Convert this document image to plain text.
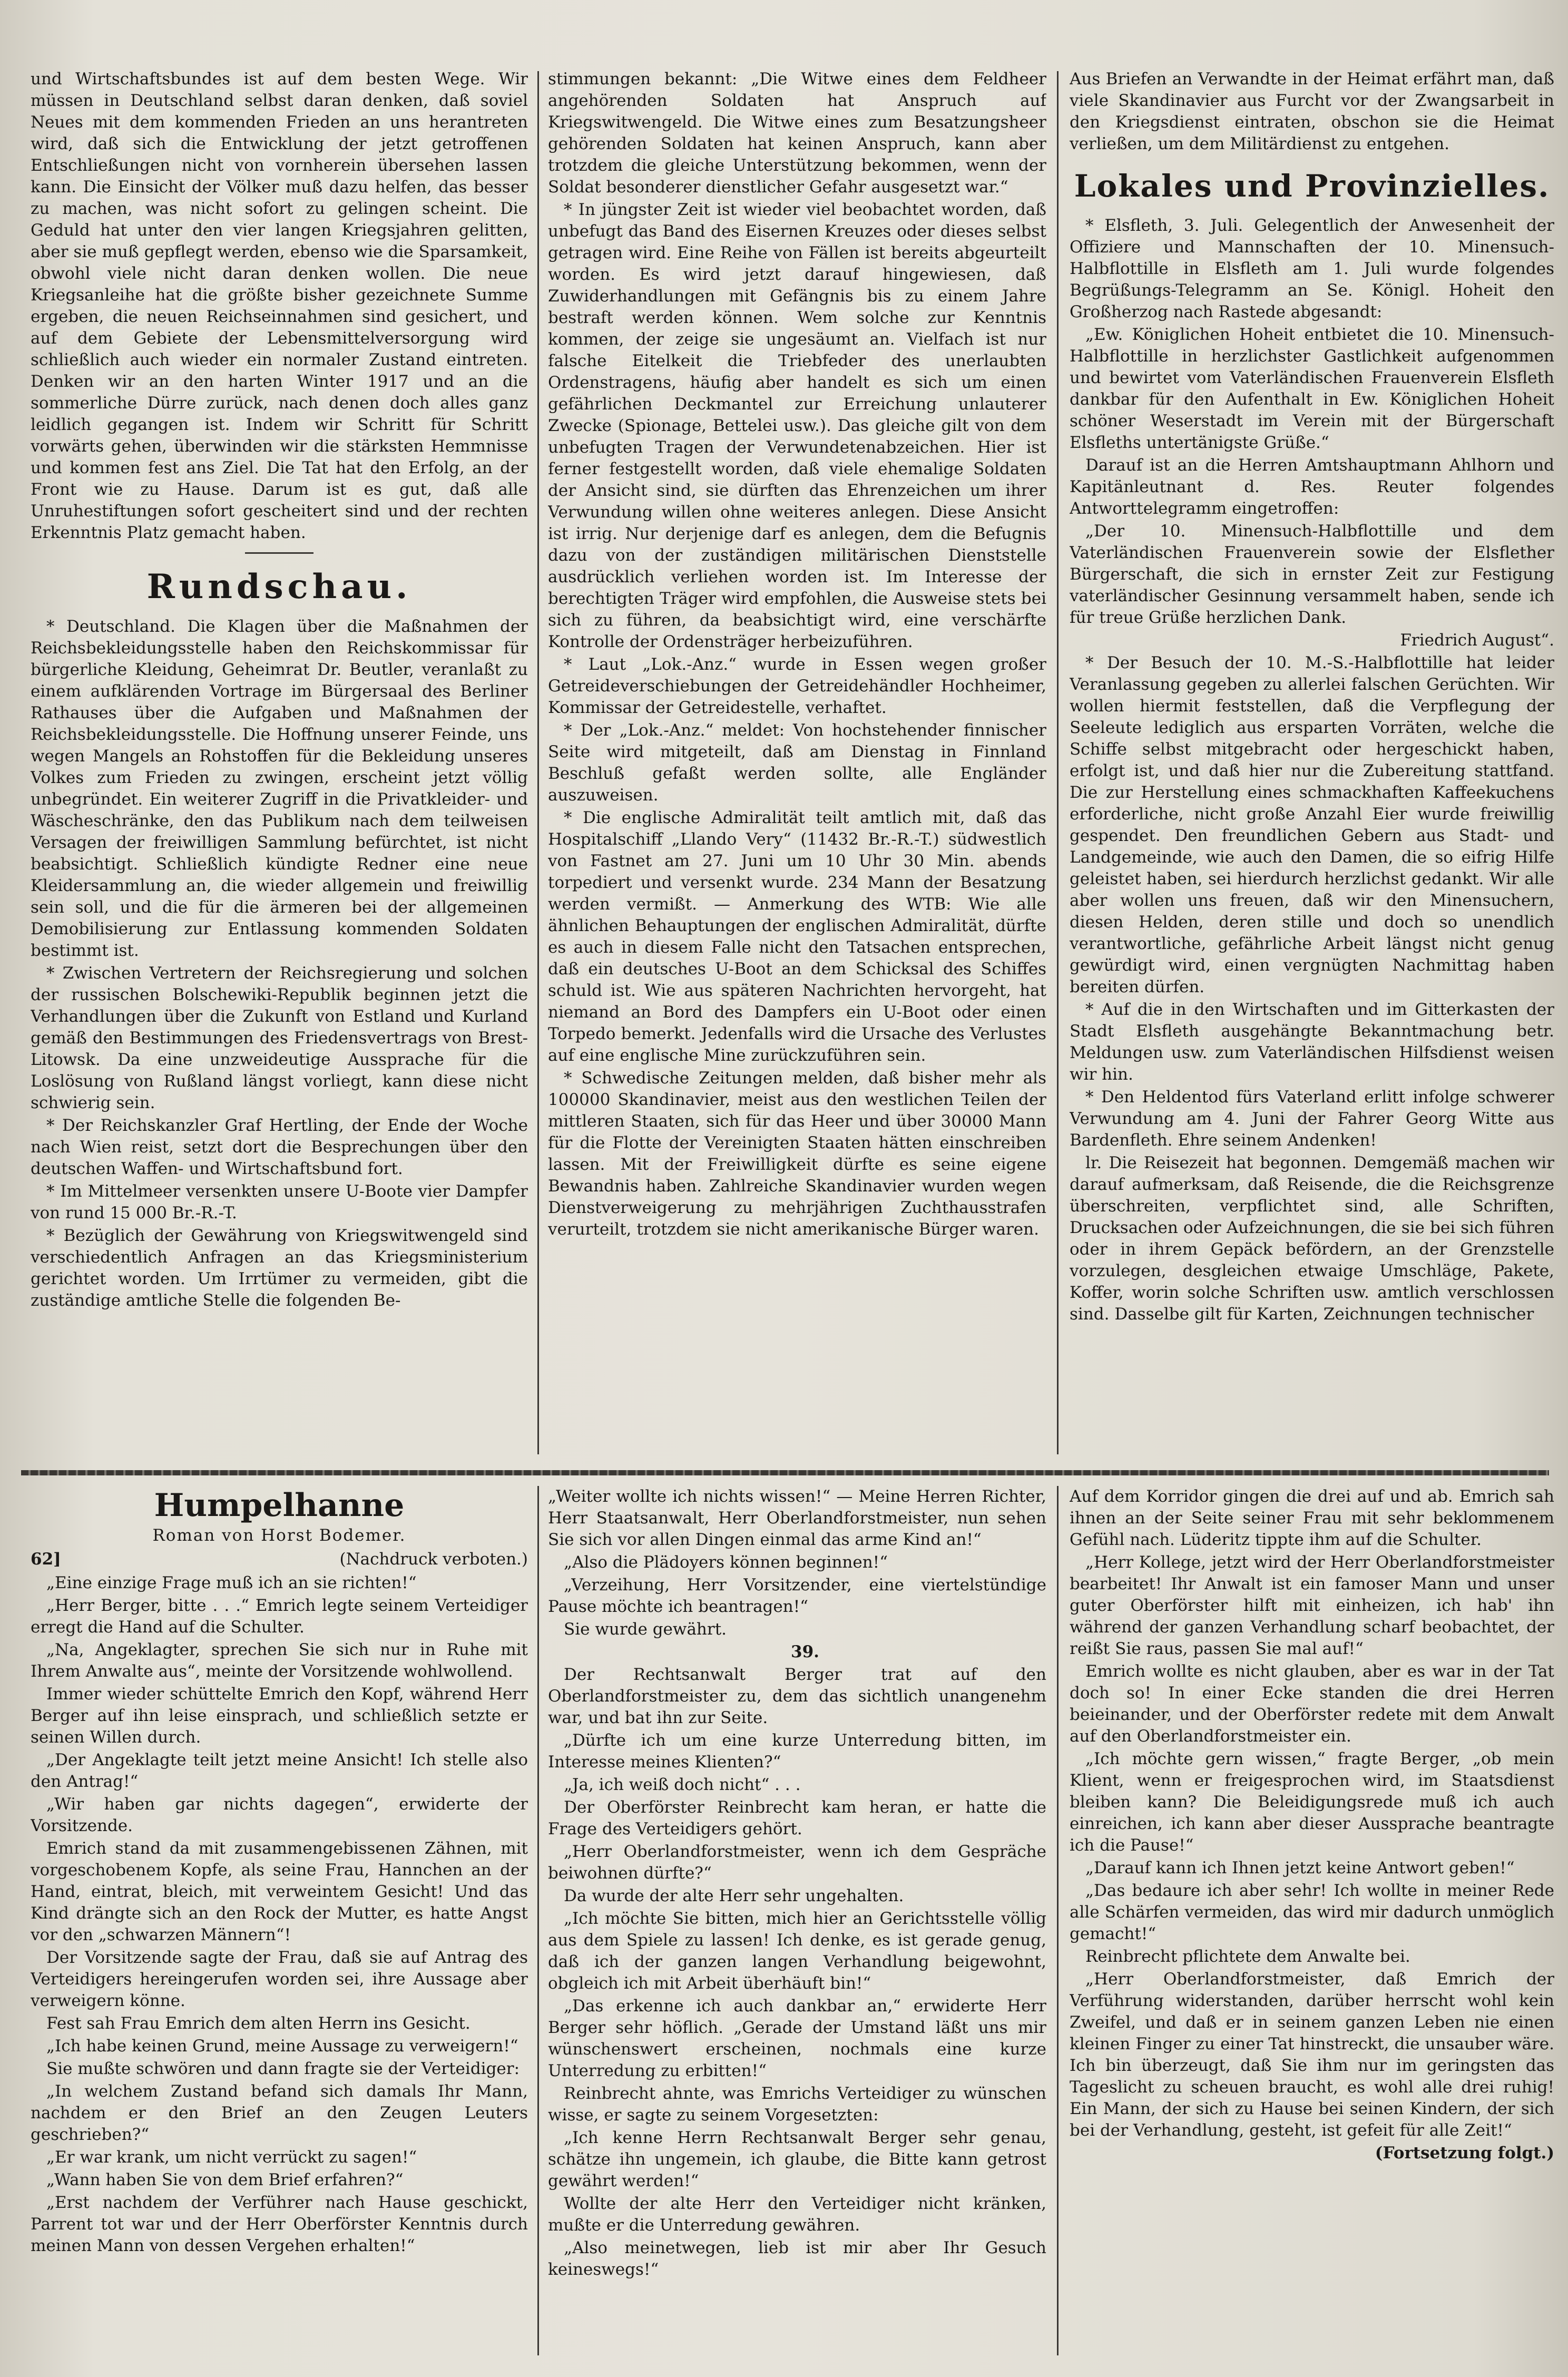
und Wirtschaftsbundes ist auf dem besten Wege. Wir müssen in Deutschland selbst daran denken, daß soviel Neues mit dem kommenden Frieden an uns herantreten wird, daß sich die Entwicklung der jetzt getroffenen Entschließungen nicht von vornherein übersehen lassen kann. Die Einsicht der Völker muß dazu helfen, das besser zu machen, was nicht sofort zu gelingen scheint. Die Geduld hat unter den vier langen Kriegsjahren gelitten, aber sie muß gepflegt werden, ebenso wie die Sparsamkeit, obwohl viele nicht daran denken wollen. Die neue Kriegsanleihe hat die größte bisher gezeichnete Summe ergeben, die neuen Reichseinnahmen sind gesichert, und auf dem Gebiete der Lebensmittelversorgung wird schließlich auch wieder ein normaler Zustand eintreten. Denken wir an den harten Winter 1917 und an die sommerliche Dürre zurück, nach denen doch alles ganz leidlich gegangen ist. Indem wir Schritt für Schritt vorwärts gehen, überwinden wir die stärksten Hemmnisse und kommen fest ans Ziel. Die Tat hat den Erfolg, an der Front wie zu Hause. Darum ist es gut, daß alle Unruhestiftungen sofort gescheitert sind und der rechten Erkenntnis Platz gemacht haben.

Rundschau.

* Deutschland. Die Klagen über die Maßnahmen der Reichsbekleidungsstelle haben den Reichskommissar für bürgerliche Kleidung, Geheimrat Dr. Beutler, veranlaßt zu einem aufklärenden Vortrage im Bürgersaal des Berliner Rathauses über die Aufgaben und Maßnahmen der Reichsbekleidungsstelle. Die Hoffnung unserer Feinde, uns wegen Mangels an Rohstoffen für die Bekleidung unseres Volkes zum Frieden zu zwingen, erscheint jetzt völlig unbegründet. Ein weiterer Zugriff in die Privatkleider- und Wäscheschränke, den das Publikum nach dem teilweisen Versagen der freiwilligen Sammlung befürchtet, ist nicht beabsichtigt. Schließlich kündigte Redner eine neue Kleidersammlung an, die wieder allgemein und freiwillig sein soll, und die für die ärmeren bei der allgemeinen Demobilisierung zur Entlassung kommenden Soldaten bestimmt ist.

* Zwischen Vertretern der Reichsregierung und solchen der russischen Bolschewiki-Republik beginnen jetzt die Verhandlungen über die Zukunft von Estland und Kurland gemäß den Bestimmungen des Friedensvertrags von Brest-Litowsk. Da eine unzweideutige Aussprache für die Loslösung von Rußland längst vorliegt, kann diese nicht schwierig sein.

* Der Reichskanzler Graf Hertling, der Ende der Woche nach Wien reist, setzt dort die Besprechungen über den deutschen Waffen- und Wirtschaftsbund fort.

* Im Mittelmeer versenkten unsere U-Boote vier Dampfer von rund 15 000 Br.-R.-T.

* Bezüglich der Gewährung von Kriegswitwengeld sind verschiedentlich Anfragen an das Kriegsministerium gerichtet worden. Um Irrtümer zu vermeiden, gibt die zuständige amtliche Stelle die folgenden Be-

stimmungen bekannt: „Die Witwe eines dem Feldheer angehörenden Soldaten hat Anspruch auf Kriegswitwengeld. Die Witwe eines zum Besatzungsheer gehörenden Soldaten hat keinen Anspruch, kann aber trotzdem die gleiche Unterstützung bekommen, wenn der Soldat besonderer dienstlicher Gefahr ausgesetzt war.“

* In jüngster Zeit ist wieder viel beobachtet worden, daß unbefugt das Band des Eisernen Kreuzes oder dieses selbst getragen wird. Eine Reihe von Fällen ist bereits abgeurteilt worden. Es wird jetzt darauf hingewiesen, daß Zuwiderhandlungen mit Gefängnis bis zu einem Jahre bestraft werden können. Wem solche zur Kenntnis kommen, der zeige sie ungesäumt an. Vielfach ist nur falsche Eitelkeit die Triebfeder des unerlaubten Ordenstragens, häufig aber handelt es sich um einen gefährlichen Deckmantel zur Erreichung unlauterer Zwecke (Spionage, Bettelei usw.). Das gleiche gilt von dem unbefugten Tragen der Verwundetenabzeichen. Hier ist ferner festgestellt worden, daß viele ehemalige Soldaten der Ansicht sind, sie dürften das Ehrenzeichen um ihrer Verwundung willen ohne weiteres anlegen. Diese Ansicht ist irrig. Nur derjenige darf es anlegen, dem die Befugnis dazu von der zuständigen militärischen Dienststelle ausdrücklich verliehen worden ist. Im Interesse der berechtigten Träger wird empfohlen, die Ausweise stets bei sich zu führen, da beabsichtigt wird, eine verschärfte Kontrolle der Ordensträger herbeizuführen.

* Laut „Lok.-Anz.“ wurde in Essen wegen großer Getreideverschiebungen der Getreidehändler Hochheimer, Kommissar der Getreidestelle, verhaftet.

* Der „Lok.-Anz.“ meldet: Von hochstehender finnischer Seite wird mitgeteilt, daß am Dienstag in Finnland Beschluß gefaßt werden sollte, alle Engländer auszuweisen.

* Die englische Admiralität teilt amtlich mit, daß das Hospitalschiff „Llando Very“ (11432 Br.-R.-T.) südwestlich von Fastnet am 27. Juni um 10 Uhr 30 Min. abends torpediert und versenkt wurde. 234 Mann der Besatzung werden vermißt. — Anmerkung des WTB: Wie alle ähnlichen Behauptungen der englischen Admiralität, dürfte es auch in diesem Falle nicht den Tatsachen entsprechen, daß ein deutsches U-Boot an dem Schicksal des Schiffes schuld ist. Wie aus späteren Nachrichten hervorgeht, hat niemand an Bord des Dampfers ein U-Boot oder einen Torpedo bemerkt. Jedenfalls wird die Ursache des Verlustes auf eine englische Mine zurückzuführen sein.

* Schwedische Zeitungen melden, daß bisher mehr als 100000 Skandinavier, meist aus den westlichen Teilen der mittleren Staaten, sich für das Heer und über 30000 Mann für die Flotte der Vereinigten Staaten hätten einschreiben lassen. Mit der Freiwilligkeit dürfte es seine eigene Bewandnis haben. Zahlreiche Skandinavier wurden wegen Dienstverweigerung zu mehrjährigen Zuchthausstrafen verurteilt, trotzdem sie nicht amerikanische Bürger waren.

Aus Briefen an Verwandte in der Heimat erfährt man, daß viele Skandinavier aus Furcht vor der Zwangsarbeit in den Kriegsdienst eintraten, obschon sie die Heimat verließen, um dem Militärdienst zu entgehen.

Lokales und Provinzielles.

* Elsfleth, 3. Juli. Gelegentlich der Anwesenheit der Offiziere und Mannschaften der 10. Minensuch-Halbflottille in Elsfleth am 1. Juli wurde folgendes Begrüßungs-Telegramm an Se. Königl. Hoheit den Großherzog nach Rastede abgesandt:

„Ew. Königlichen Hoheit entbietet die 10. Minensuch-Halbflottille in herzlichster Gastlichkeit aufgenommen und bewirtet vom Vaterländischen Frauenverein Elsfleth dankbar für den Aufenthalt in Ew. Königlichen Hoheit schöner Weserstadt im Verein mit der Bürgerschaft Elsfleths untertänigste Grüße.“

Darauf ist an die Herren Amtshauptmann Ahlhorn und Kapitänleutnant d. Res. Reuter folgendes Antworttelegramm eingetroffen:

„Der 10. Minensuch-Halbflottille und dem Vaterländischen Frauenverein sowie der Elsflether Bürgerschaft, die sich in ernster Zeit zur Festigung vaterländischer Gesinnung versammelt haben, sende ich für treue Grüße herzlichen Dank.

Friedrich August“.

* Der Besuch der 10. M.-S.-Halbflottille hat leider Veranlassung gegeben zu allerlei falschen Gerüchten. Wir wollen hiermit feststellen, daß die Verpflegung der Seeleute lediglich aus ersparten Vorräten, welche die Schiffe selbst mitgebracht oder hergeschickt haben, erfolgt ist, und daß hier nur die Zubereitung stattfand. Die zur Herstellung eines schmackhaften Kaffeekuchens erforderliche, nicht große Anzahl Eier wurde freiwillig gespendet. Den freundlichen Gebern aus Stadt- und Landgemeinde, wie auch den Damen, die so eifrig Hilfe geleistet haben, sei hierdurch herzlichst gedankt. Wir alle aber wollen uns freuen, daß wir den Minensuchern, diesen Helden, deren stille und doch so unendlich verantwortliche, gefährliche Arbeit längst nicht genug gewürdigt wird, einen vergnügten Nachmittag haben bereiten dürfen.

* Auf die in den Wirtschaften und im Gitterkasten der Stadt Elsfleth ausgehängte Bekanntmachung betr. Meldungen usw. zum Vaterländischen Hilfsdienst weisen wir hin.

* Den Heldentod fürs Vaterland erlitt infolge schwerer Verwundung am 4. Juni der Fahrer Georg Witte aus Bardenfleth. Ehre seinem Andenken!

lr. Die Reisezeit hat begonnen. Demgemäß machen wir darauf aufmerksam, daß Reisende, die die Reichsgrenze überschreiten, verpflichtet sind, alle Schriften, Drucksachen oder Aufzeichnungen, die sie bei sich führen oder in ihrem Gepäck befördern, an der Grenzstelle vorzulegen, desgleichen etwaige Umschläge, Pakete, Koffer, worin solche Schriften usw. amtlich verschlossen sind. Dasselbe gilt für Karten, Zeichnungen technischer

Humpelhanne
Roman von Horst Bodemer.
62]	(Nachdruck verboten.)

„Eine einzige Frage muß ich an sie richten!“

„Herr Berger, bitte . . .“ Emrich legte seinem Verteidiger erregt die Hand auf die Schulter.

„Na, Angeklagter, sprechen Sie sich nur in Ruhe mit Ihrem Anwalte aus“, meinte der Vorsitzende wohlwollend.

Immer wieder schüttelte Emrich den Kopf, während Herr Berger auf ihn leise einsprach, und schließlich setzte er seinen Willen durch.

„Der Angeklagte teilt jetzt meine Ansicht! Ich stelle also den Antrag!“

„Wir haben gar nichts dagegen“, erwiderte der Vorsitzende.

Emrich stand da mit zusammengebissenen Zähnen, mit vorgeschobenem Kopfe, als seine Frau, Hannchen an der Hand, eintrat, bleich, mit verweintem Gesicht! Und das Kind drängte sich an den Rock der Mutter, es hatte Angst vor den „schwarzen Männern“!

Der Vorsitzende sagte der Frau, daß sie auf Antrag des Verteidigers hereingerufen worden sei, ihre Aussage aber verweigern könne.

Fest sah Frau Emrich dem alten Herrn ins Gesicht.

„Ich habe keinen Grund, meine Aussage zu verweigern!“

Sie mußte schwören und dann fragte sie der Verteidiger:

„In welchem Zustand befand sich damals Ihr Mann, nachdem er den Brief an den Zeugen Leuters geschrieben?“

„Er war krank, um nicht verrückt zu sagen!“

„Wann haben Sie von dem Brief erfahren?“

„Erst nachdem der Verführer nach Hause geschickt, Parrent tot war und der Herr Oberförster Kenntnis durch meinen Mann von dessen Vergehen erhalten!“

„Weiter wollte ich nichts wissen!“ — Meine Herren Richter, Herr Staatsanwalt, Herr Oberlandforstmeister, nun sehen Sie sich vor allen Dingen einmal das arme Kind an!“

„Also die Plädoyers können beginnen!“

„Verzeihung, Herr Vorsitzender, eine viertelstündige Pause möchte ich beantragen!“

Sie wurde gewährt.

39.

Der Rechtsanwalt Berger trat auf den Oberlandforstmeister zu, dem das sichtlich unangenehm war, und bat ihn zur Seite.

„Dürfte ich um eine kurze Unterredung bitten, im Interesse meines Klienten?“

„Ja, ich weiß doch nicht“ . . .

Der Oberförster Reinbrecht kam heran, er hatte die Frage des Verteidigers gehört.

„Herr Oberlandforstmeister, wenn ich dem Gespräche beiwohnen dürfte?“

Da wurde der alte Herr sehr ungehalten.

„Ich möchte Sie bitten, mich hier an Gerichtsstelle völlig aus dem Spiele zu lassen! Ich denke, es ist gerade genug, daß ich der ganzen langen Verhandlung beigewohnt, obgleich ich mit Arbeit überhäuft bin!“

„Das erkenne ich auch dankbar an,“ erwiderte Herr Berger sehr höflich. „Gerade der Umstand läßt uns mir wünschenswert erscheinen, nochmals eine kurze Unterredung zu erbitten!“

Reinbrecht ahnte, was Emrichs Verteidiger zu wünschen wisse, er sagte zu seinem Vorgesetzten:

„Ich kenne Herrn Rechtsanwalt Berger sehr genau, schätze ihn ungemein, ich glaube, die Bitte kann getrost gewährt werden!“

Wollte der alte Herr den Verteidiger nicht kränken, mußte er die Unterredung gewähren.

„Also meinetwegen, lieb ist mir aber Ihr Gesuch keineswegs!“

Auf dem Korridor gingen die drei auf und ab. Emrich sah ihnen an der Seite seiner Frau mit sehr beklommenem Gefühl nach. Lüderitz tippte ihm auf die Schulter.

„Herr Kollege, jetzt wird der Herr Oberlandforstmeister bearbeitet! Ihr Anwalt ist ein famoser Mann und unser guter Oberförster hilft mit einheizen, ich hab' ihn während der ganzen Verhandlung scharf beobachtet, der reißt Sie raus, passen Sie mal auf!“

Emrich wollte es nicht glauben, aber es war in der Tat doch so! In einer Ecke standen die drei Herren beieinander, und der Oberförster redete mit dem Anwalt auf den Oberlandforstmeister ein.

„Ich möchte gern wissen,“ fragte Berger, „ob mein Klient, wenn er freigesprochen wird, im Staatsdienst bleiben kann? Die Beleidigungsrede muß ich auch einreichen, ich kann aber dieser Aussprache beantragte ich die Pause!“

„Darauf kann ich Ihnen jetzt keine Antwort geben!“

„Das bedaure ich aber sehr! Ich wollte in meiner Rede alle Schärfen vermeiden, das wird mir dadurch unmöglich gemacht!“

Reinbrecht pflichtete dem Anwalte bei.

„Herr Oberlandforstmeister, daß Emrich der Verführung widerstanden, darüber herrscht wohl kein Zweifel, und daß er in seinem ganzen Leben nie einen kleinen Finger zu einer Tat hinstreckt, die unsauber wäre. Ich bin überzeugt, daß Sie ihm nur im geringsten das Tageslicht zu scheuen braucht, es wohl alle drei ruhig! Ein Mann, der sich zu Hause bei seinen Kindern, der sich bei der Verhandlung, gesteht, ist gefeit für alle Zeit!“

(Fortsetzung folgt.)
